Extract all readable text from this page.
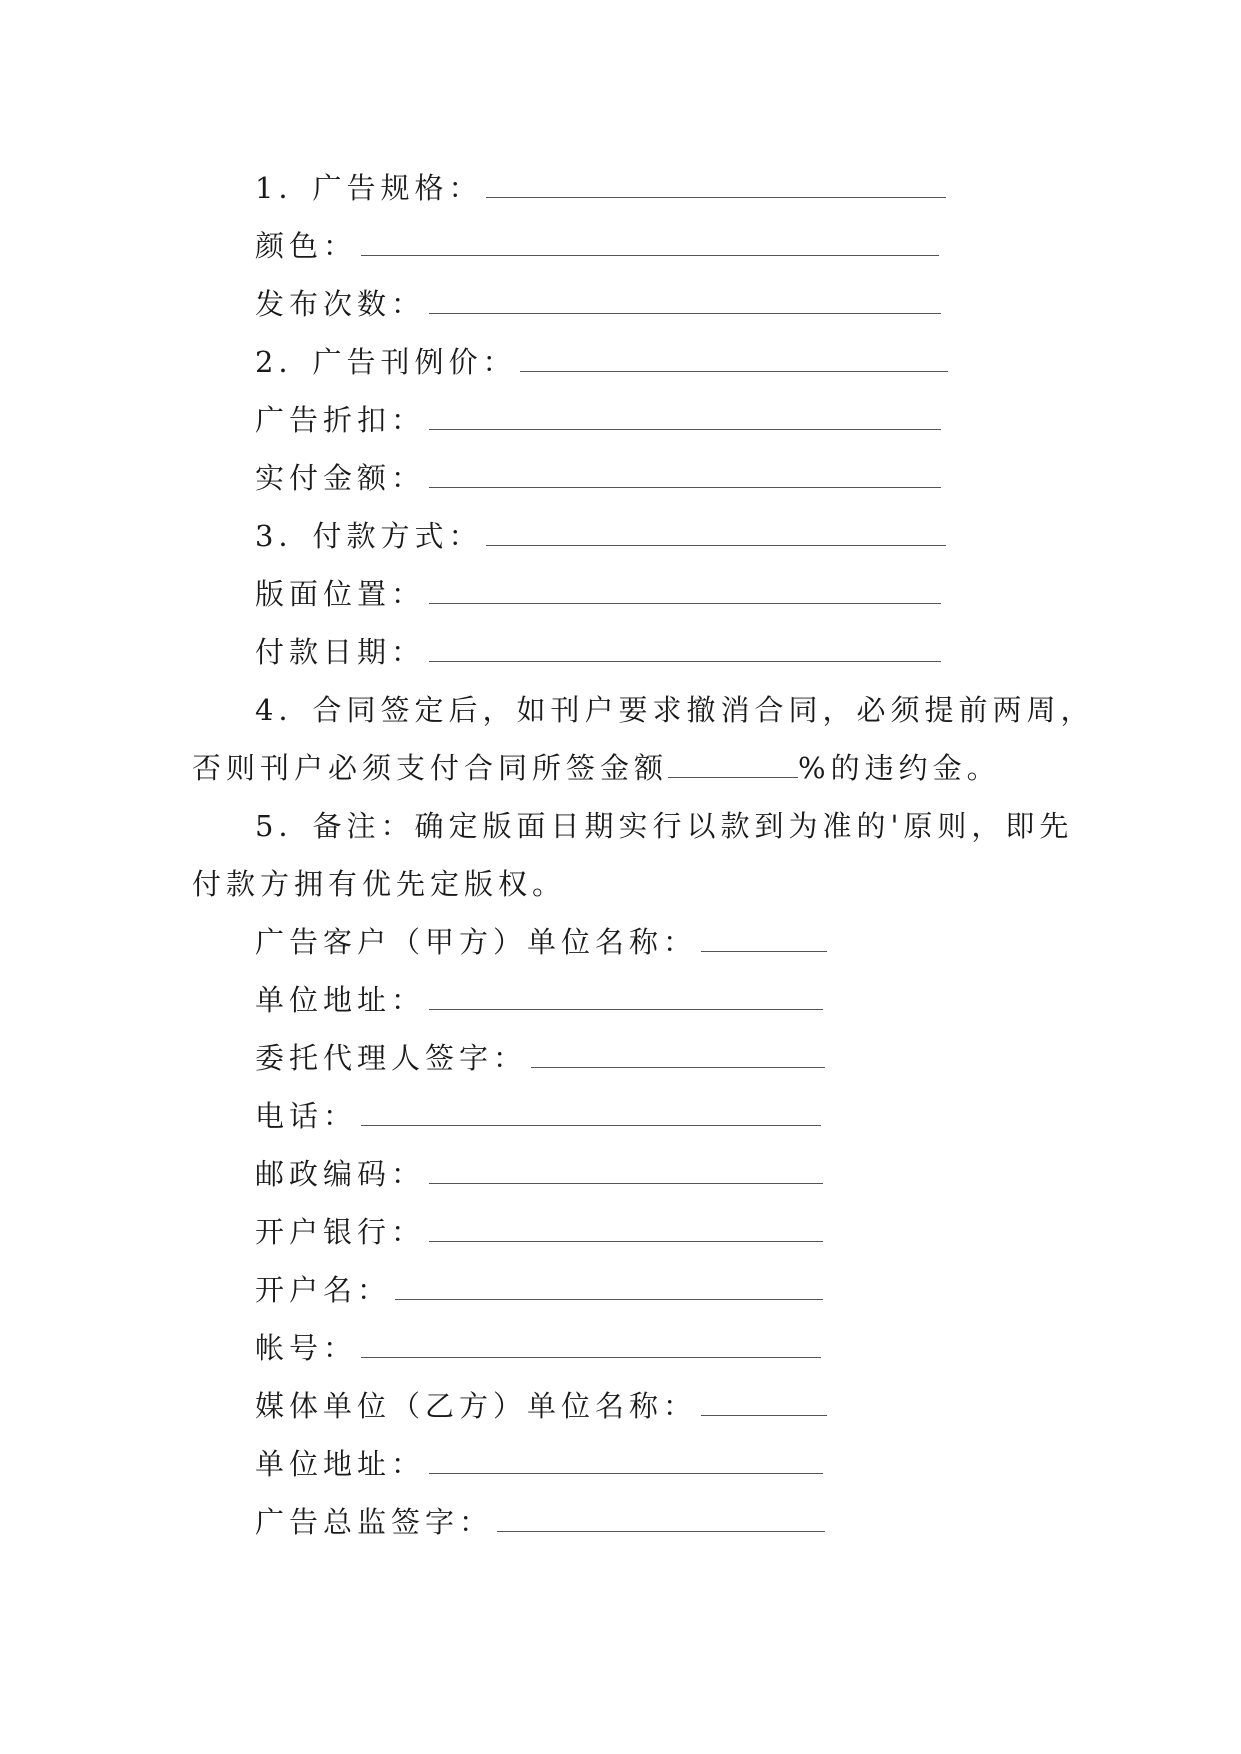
1．广告规格：
颜色：
发布次数：
2．广告刊例价：
广告折扣：
实付金额：
3．付款方式：
版面位置：
付款日期：
4．合同签定后，如刊户要求撤消合同，必须提前两周，
否则刊户必须支付合同所签金额	%的违约金。
5．备注：确定版面日期实行以款到为准的'原则，即先
付款方拥有优先定版权。
广告客户（甲方）单位名称：
单位地址：
委托代理人签字：
电话：
邮政编码：
开户银行：
开户名：
帐号：
媒体单位（乙方）单位名称：
单位地址：
广告总监签字：
